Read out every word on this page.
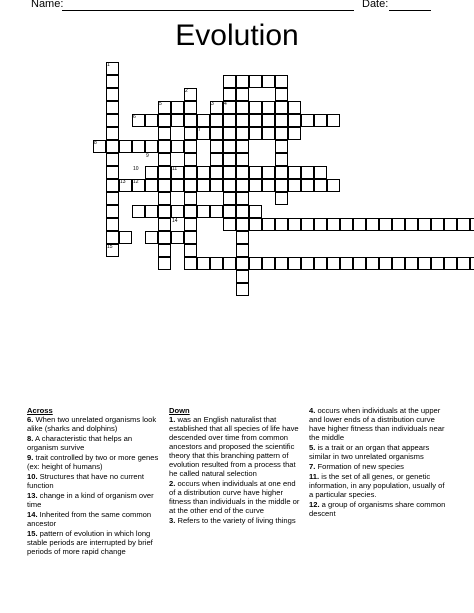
Name:	Date:
Evolution
1
2
3 4
5
6
7
8
9
10	11
12
13
14
15
Across

6. When two unrelated organisms look alike (sharks and dolphins)

8. A characteristic that helps an organism survive

9. trait controlled by two or more genes (ex: height of humans)

10. Structures that have no current function

13. change in a kind of organism over time

14. Inherited from the same common ancestor

15. pattern of evolution in which long stable periods are interrupted by brief periods of more rapid change

Down

1. was an English naturalist that established that all species of life have descended over time from common ancestors and proposed the scientific theory that this branching pattern of evolution resulted from a process that he called natural selection

2. occurs when individuals at one end of a distribution curve have higher fitness than individuals in the middle or at the other end of the curve

3. Refers to the variety of living things

4. occurs when individuals at the upper and lower ends of a distribution curve have higher fitness than individuals near the middle

5. is a trait or an organ that appears similar in two unrelated organisms

7. Formation of new species

11. is the set of all genes, or genetic information, in any population, usually of a particular species.

12. a group of organisms share common descent
